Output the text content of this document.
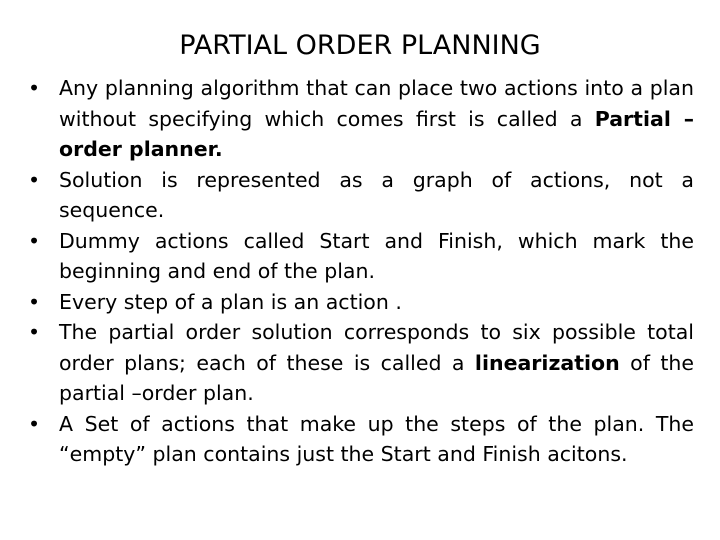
PARTIAL ORDER PLANNING
• Any planning algorithm that can place two actions into a plan without specifying which comes first is called a Partial –order planner.
• Solution is represented as a graph of actions, not a sequence.
• Dummy actions called Start and Finish, which mark the beginning and end of the plan.
• Every step of a plan is an action .
• The partial order solution corresponds to six possible total order plans; each of these is called a linearization of the partial –order plan.
• A Set of actions that make up the steps of the plan. The “empty” plan contains just the Start and Finish acitons.
